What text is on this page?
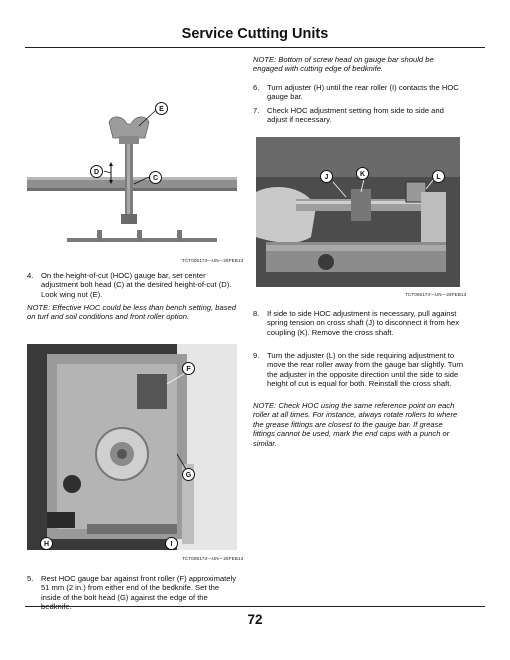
Service Cutting Units
E
D
C
TCT006173—UN—26FEB13
4.	On the height-of-cut (HOC) gauge bar, set center adjustment bolt head (C) at the desired height-of-cut (D). Look wing nut (E).
NOTE: Effective HOC could be less than bench setting, based on turf and soil conditions and front roller option.
F
G
H	I
TCT006173—UN—26FEB13
5.	Rest HOC gauge bar against front roller (F) approximately 51 mm (2 in.) from either end of the bedknife. Set the inside of the bolt head (G) against the edge of the
NOTE: Bottom of screw head on gauge bar should be engaged with cutting edge of bedknife.
6.	Turn adjuster (H) until the rear roller (I) contacts the HOC gauge bar.
7.	Check HOC adjustment setting from side to side and adjust if necessary.
J	K	L
TCT006174—UN—26FEB13
8.	If side to side HOC adjustment is necessary, pull against spring tension on cross shaft (J) to disconnect it from hex coupling (K). Remove the cross shaft.
9.	Turn the adjuster (L) on the side requiring adjustment to move the rear roller away from the gauge bar slightly. Turn the adjuster in the opposite direction until the side to side height of cut is equal for both. Reinstall the cross shaft.
NOTE: Check HOC using the same reference point on each roller at all times. For instance, always rotate rollers to where the grease fittings are closest to the gauge bar. If grease fittings cannot be used, mark the end caps with a punch or similar.
72
